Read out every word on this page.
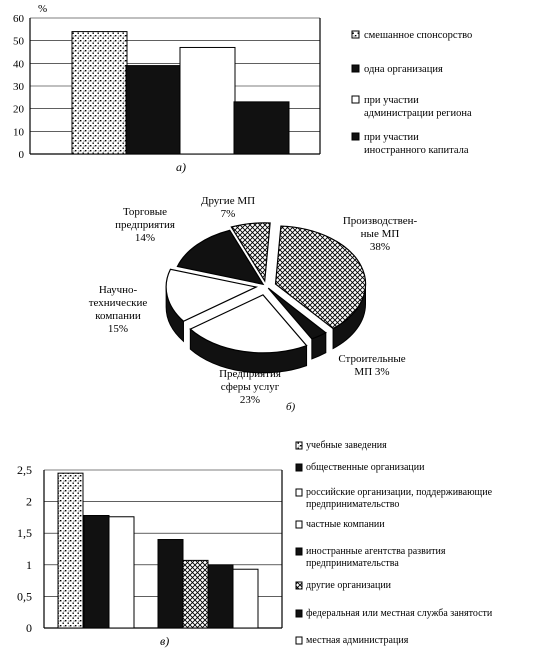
0
10
20
30
40
50
60
%
а)
смешанное спонсорство
одна организация
при участии администрации региона
при участии иностранного капитала
Производствен-ные МП 38%
Строительные МП 3%
Предприятия сферы услуг 23%
Научно-технические компании 15%
Торговые предприятия 14%
Другие МП 7%
б)
0
0,5
1
1,5
2
2,5
в)
учебные заведения
общественные организации
российские организации, поддерживающие предпринимательство
частные компании
иностранные агентства развития предпринимательства
другие организации
федеральная или местная служба занятости
местная администрация
